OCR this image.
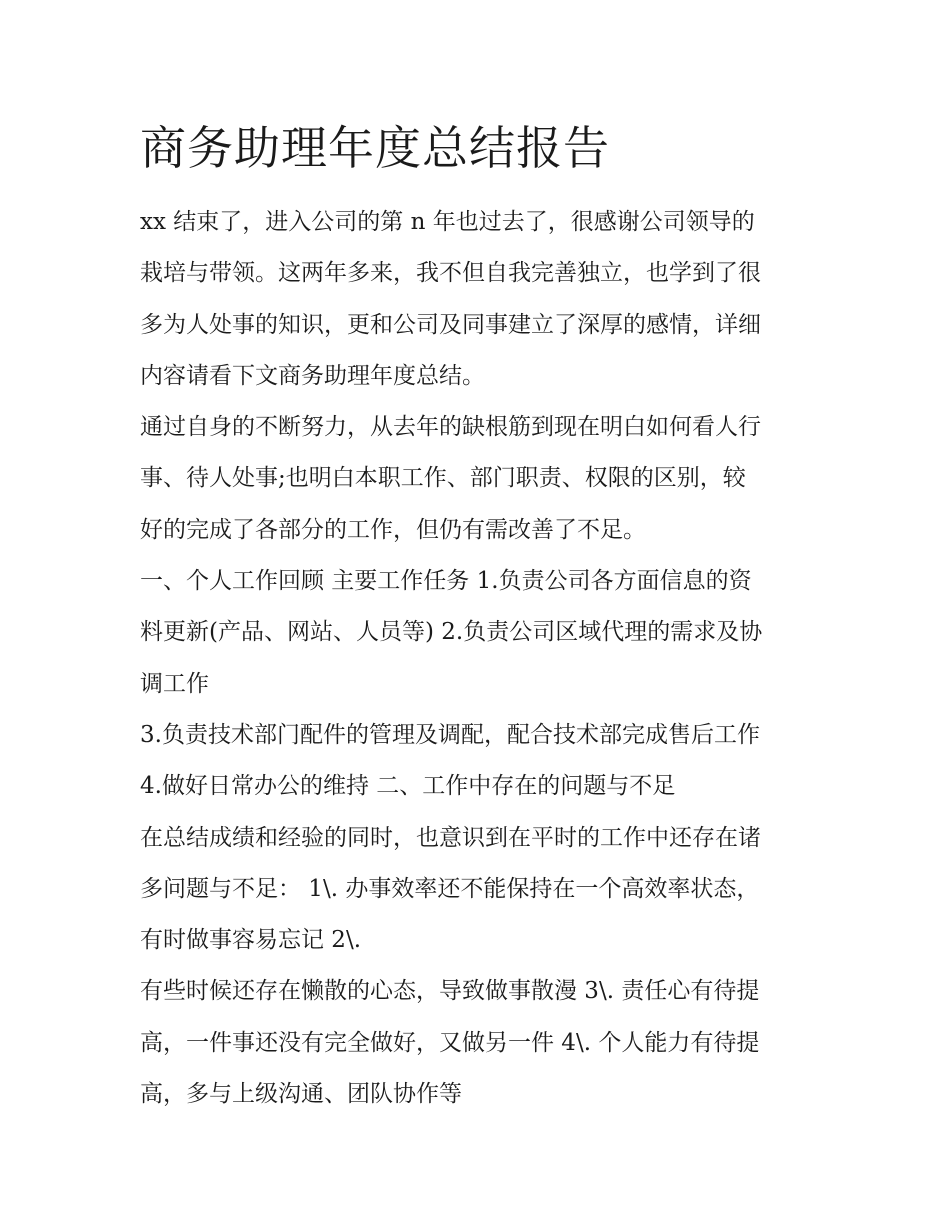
商务助理年度总结报告
xx 结束了，进入公司的第 n 年也过去了，很感谢公司领导的
栽培与带领。这两年多来，我不但自我完善独立，也学到了很
多为人处事的知识，更和公司及同事建立了深厚的感情，详细
内容请看下文商务助理年度总结。
通过自身的不断努力，从去年的缺根筋到现在明白如何看人行
事、待人处事;也明白本职工作、部门职责、权限的区别，较
好的完成了各部分的工作，但仍有需改善了不足。
一、个人工作回顾 主要工作任务 1.负责公司各方面信息的资
料更新(产品、网站、人员等) 2.负责公司区域代理的需求及协
调工作
3.负责技术部门配件的管理及调配，配合技术部完成售后工作
4.做好日常办公的维持 二、工作中存在的问题与不足
在总结成绩和经验的同时，也意识到在平时的工作中还存在诸
多问题与不足： 1\. 办事效率还不能保持在一个高效率状态，
有时做事容易忘记 2\.
有些时候还存在懒散的心态，导致做事散漫 3\. 责任心有待提
高，一件事还没有完全做好，又做另一件 4\. 个人能力有待提
高，多与上级沟通、团队协作等
